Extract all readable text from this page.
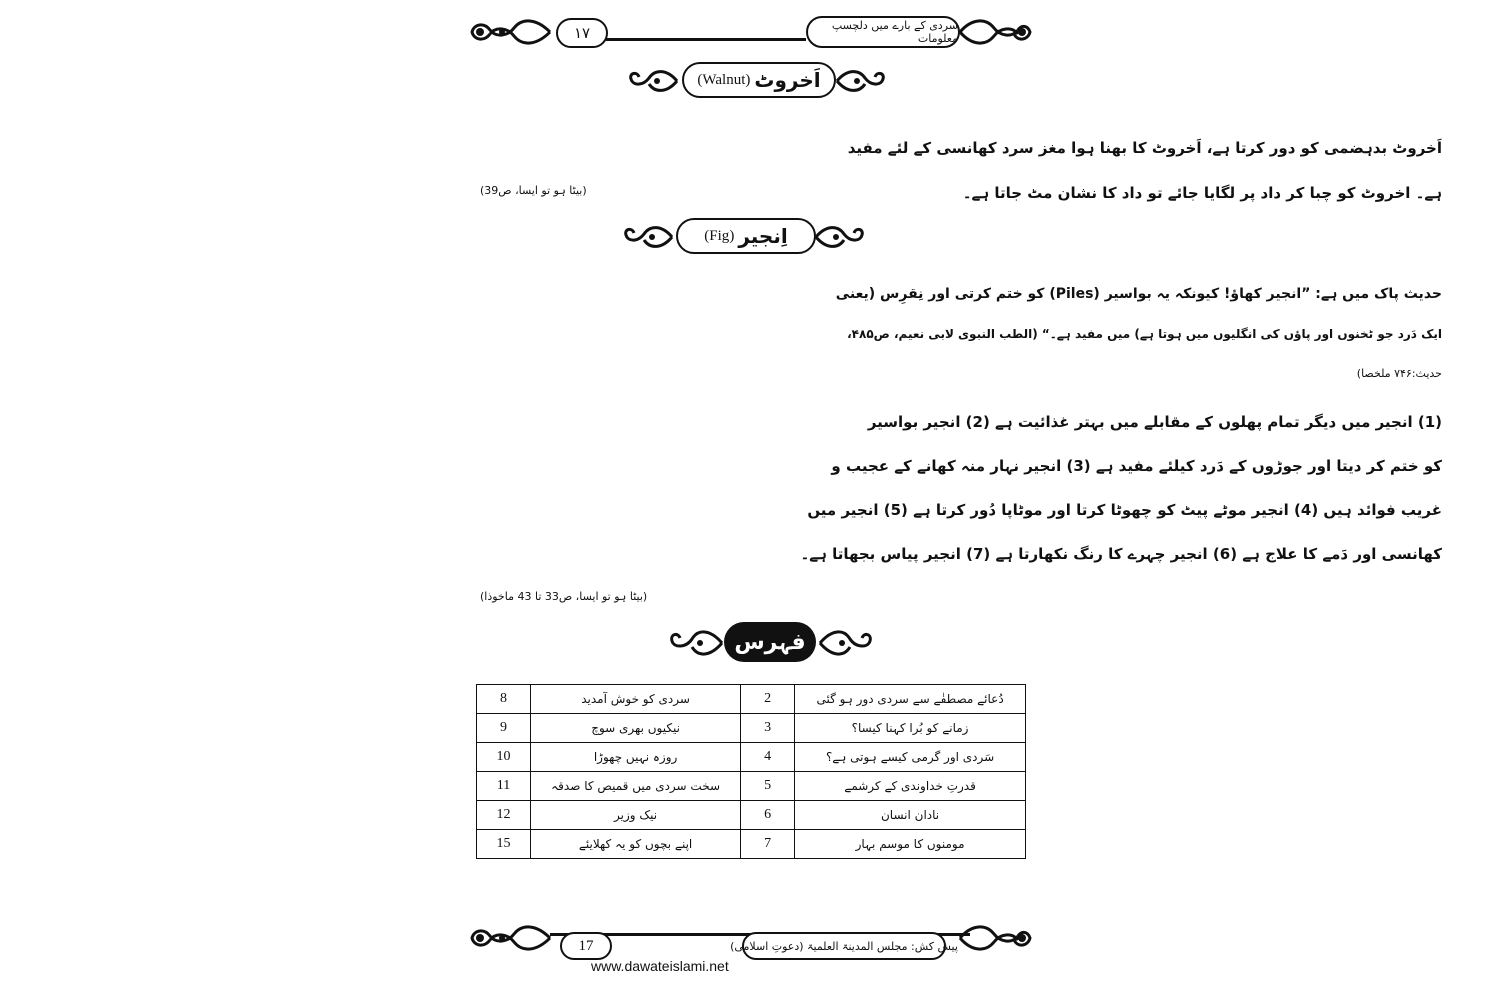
۱۷	سردی کے بارے میں دلچسپ معلومات
اَخروٹ
(Walnut)
اَخروٹ بدہضمی کو دور کرتا ہے، اَخروٹ کا بھنا ہوا مغز سرد کھانسی کے لئے مفید
ہے۔ اخروٹ کو چبا کر داد پر لگایا جائے تو داد کا نشان مٹ جاتا ہے۔
(بیٹا ہو تو ایسا، ص39)
اِنجیر
(Fig)
حدیث پاک میں ہے: ”انجیر کھاؤ! کیونکہ یہ بواسیر (Piles) کو ختم کرتی اور نِقرِس (یعنی
ایک دَرد جو ٹخنوں اور پاؤں کی انگلیوں میں ہوتا ہے) میں مفید ہے۔“ (الطب النبوی لابی نعیم، ص۴۸۵،
حدیث:۷۴۶ ملخصا)
(1) انجیر میں دیگر تمام پھلوں کے مقابلے میں بہتر غذائیت ہے (2) انجیر بواسیر
کو ختم کر دیتا اور جوڑوں کے دَرد کیلئے مفید ہے (3) انجیر نہار منہ کھانے کے عجیب و
غریب فوائد ہیں (4) انجیر موٹے پیٹ کو چھوٹا کرتا اور موٹاپا دُور کرتا ہے (5) انجیر میں
کھانسی اور دَمے کا علاج ہے (6) انجیر چہرے کا رنگ نکھارتا ہے (7) انجیر پیاس بجھاتا ہے۔
(بیٹا ہو تو ایسا، ص33 تا 43 ماخوذا)
فہرس
دُعائے مصطفٰے سے سردی دور ہو گئی	2	سردی کو خوش آمدید	8
زمانے کو بُرا کہنا کیسا؟	3	نیکیوں بھری سوچ	9
سَردی اور گرمی کیسے ہوتی ہے؟	4	روزہ نہیں چھوڑا	10
قدرتِ خداوندی کے کرشمے	5	سخت سردی میں قمیص کا صدقہ	11
نادان انسان	6	نیک وزیر	12
مومنوں کا موسم بہار	7	اپنے بچوں کو یہ کھلایئے	15
17	پیش کش: مجلس المدینۃ العلمیۃ (دعوتِ اسلامی)
www.dawateislami.net
